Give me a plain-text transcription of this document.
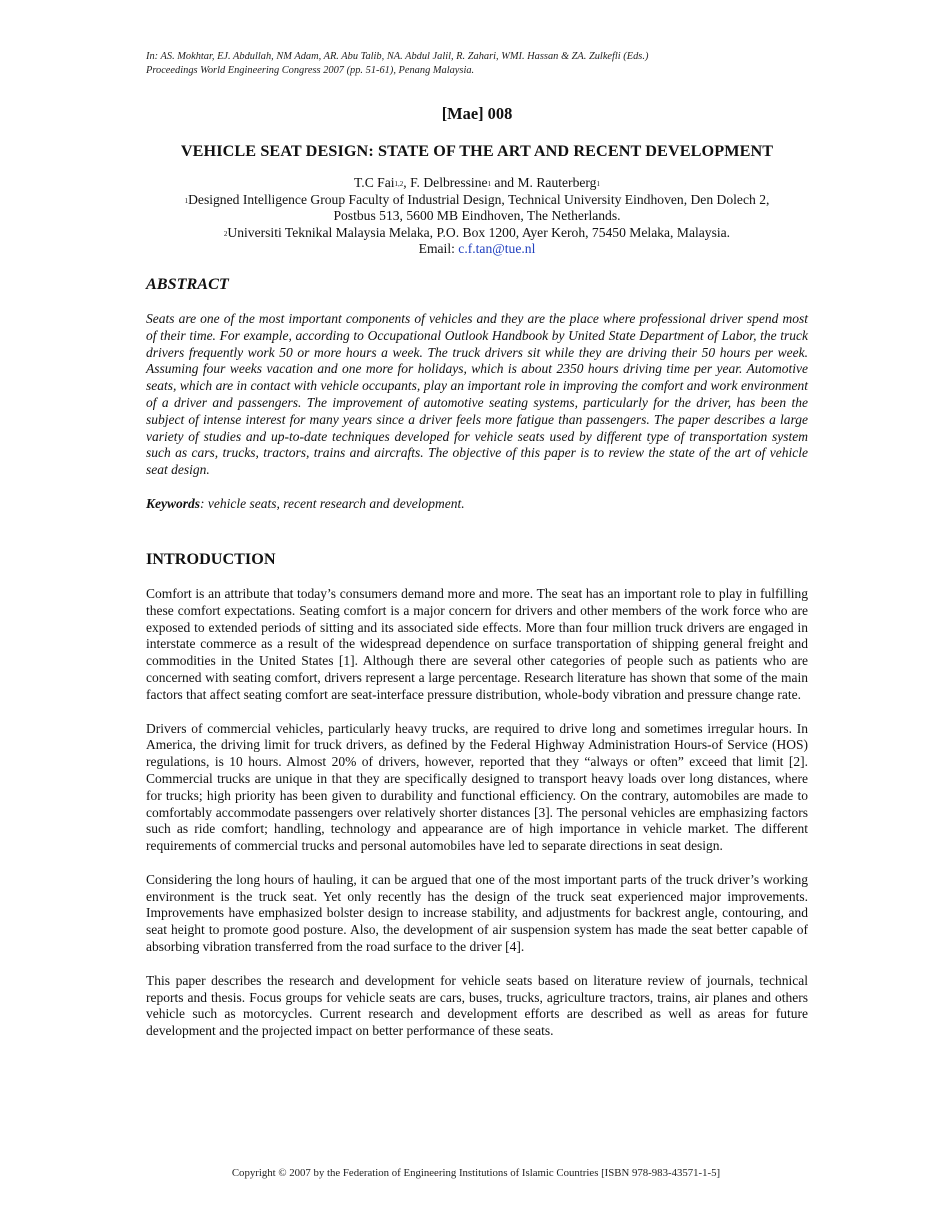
In: AS. Mokhtar, EJ. Abdullah, NM Adam, AR. Abu Talib, NA. Abdul Jalil, R. Zahari, WMI. Hassan & ZA. Zulkefli (Eds.)
Proceedings World Engineering Congress 2007 (pp. 51-61), Penang Malaysia.
[Mae] 008
VEHICLE SEAT DESIGN: STATE OF THE ART AND RECENT DEVELOPMENT
T.C Fai$^{1,2}$, F. Delbressine$^1$ and M. Rauterberg$^1$
$^1$Designed Intelligence Group Faculty of Industrial Design, Technical University Eindhoven, Den Dolech 2,
Postbus 513, 5600 MB Eindhoven, The Netherlands.
$^2$Universiti Teknikal Malaysia Melaka, P.O. Box 1200, Ayer Keroh, 75450 Melaka, Malaysia.
Email: c.f.tan@tue.nl
ABSTRACT

Seats are one of the most important components of vehicles and they are the place where professional driver spend most of their time. For example, according to Occupational Outlook Handbook by United State Department of Labor, the truck drivers frequently work 50 or more hours a week. The truck drivers sit while they are driving their 50 hours per week. Assuming four weeks vacation and one more for holidays, which is about 2350 hours driving time per year. Automotive seats, which are in contact with vehicle occupants, play an important role in improving the comfort and work environment of a driver and passengers. The improvement of automotive seating systems, particularly for the driver, has been the subject of intense interest for many years since a driver feels more fatigue than passengers. The paper describes a large variety of studies and up-to-date techniques developed for vehicle seats used by different type of transportation system such as cars, trucks, tractors, trains and aircrafts. The objective of this paper is to review the state of the art of vehicle seat design.

Keywords: vehicle seats, recent research and development.
INTRODUCTION

Comfort is an attribute that today’s consumers demand more and more. The seat has an important role to play in fulfilling these comfort expectations. Seating comfort is a major concern for drivers and other members of the work force who are exposed to extended periods of sitting and its associated side effects. More than four million truck drivers are engaged in interstate commerce as a result of the widespread dependence on surface transportation of shipping general freight and commodities in the United States [1]. Although there are several other categories of people such as patients who are concerned with seating comfort, drivers represent a large percentage. Research literature has shown that some of the main factors that affect seating comfort are seat-interface pressure distribution, whole-body vibration and pressure change rate.

Drivers of commercial vehicles, particularly heavy trucks, are required to drive long and sometimes irregular hours. In America, the driving limit for truck drivers, as defined by the Federal Highway Administration Hours-of Service (HOS) regulations, is 10 hours. Almost 20% of drivers, however, reported that they “always or often” exceed that limit [2]. Commercial trucks are unique in that they are specifically designed to transport heavy loads over long distances, where for trucks; high priority has been given to durability and functional efficiency. On the contrary, automobiles are made to comfortably accommodate passengers over relatively shorter distances [3]. The personal vehicles are emphasizing factors such as ride comfort; handling, technology and appearance are of high importance in vehicle market. The different requirements of commercial trucks and personal automobiles have led to separate directions in seat design.

Considering the long hours of hauling, it can be argued that one of the most important parts of the truck driver’s working environment is the truck seat. Yet only recently has the design of the truck seat experienced major improvements. Improvements have emphasized bolster design to increase stability, and adjustments for backrest angle, contouring, and seat height to promote good posture. Also, the development of air suspension system has made the seat better capable of absorbing vibration transferred from the road surface to the driver [4].

This paper describes the research and development for vehicle seats based on literature review of journals, technical reports and thesis. Focus groups for vehicle seats are cars, buses, trucks, agriculture tractors, trains, air planes and others vehicle such as motorcycles. Current research and development efforts are described as well as areas for future development and the projected impact on better performance of these seats.

Copyright © 2007 by the Federation of Engineering Institutions of Islamic Countries [ISBN 978-983-43571-1-5]
